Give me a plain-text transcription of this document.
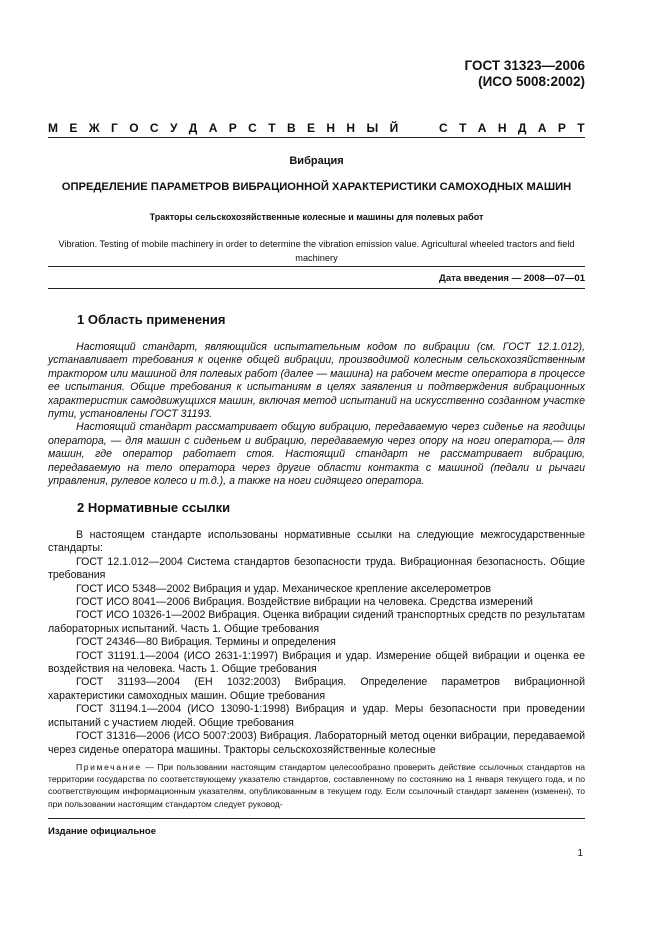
ГОСТ 31323—2006
(ИСО 5008:2002)
М Е Ж Г О С У Д А Р С Т В Е Н Н Ы Й

	С Т А Н Д А Р Т
Вибрация
ОПРЕДЕЛЕНИЕ ПАРАМЕТРОВ ВИБРАЦИОННОЙ ХАРАКТЕРИСТИКИ САМОХОДНЫХ МАШИН
Тракторы сельскохозяйственные колесные и машины для полевых работ
Vibration. Testing of mobile machinery in order to determine the vibration emission value. Agricultural wheeled tractors and field machinery
Дата введения — 2008—07—01
1 Область применения

Настоящий стандарт, являющийся испытательным кодом по вибрации (см. ГОСТ 12.1.012), устанавливает требования к оценке общей вибрации, производимой колесным сельскохозяйственным трактором или машиной для полевых работ (далее — машина) на рабочем месте оператора в процессе ее испытания. Общие требования к испытаниям в целях заявления и подтверждения вибрационных характеристик самодвижущихся машин, включая метод испытаний на искусственно созданном участке пути, установлены ГОСТ 31193.

Настоящий стандарт рассматривает общую вибрацию, передаваемую через сиденье на ягодицы оператора, — для машин с сиденьем и вибрацию, передаваемую через опору на ноги оператора,— для машин, где оператор работает стоя. Настоящий стандарт не рассматривает вибрацию, передаваемую на тело оператора через другие области контакта с машиной (педали и рычаги управления, рулевое колесо и т.д.), а также на ноги сидящего оператора.

2 Нормативные ссылки

В настоящем стандарте использованы нормативные ссылки на следующие межгосударственные стандарты:

ГОСТ 12.1.012—2004 Система стандартов безопасности труда. Вибрационная безопасность. Общие требования

ГОСТ ИСО 5348—2002 Вибрация и удар. Механическое крепление акселерометров

ГОСТ ИСО 8041—2006 Вибрация. Воздействие вибрации на человека. Средства измерений

ГОСТ ИСО 10326-1—2002 Вибрация. Оценка вибрации сидений транспортных средств по результатам лабораторных испытаний. Часть 1. Общие требования

ГОСТ 24346—80 Вибрация. Термины и определения

ГОСТ 31191.1—2004 (ИСО 2631-1:1997) Вибрация и удар. Измерение общей вибрации и оценка ее воздействия на человека. Часть 1. Общие требования

ГОСТ 31193—2004 (ЕН 1032:2003) Вибрация. Определение параметров вибрационной характеристики самоходных машин. Общие требования

ГОСТ 31194.1—2004 (ИСО 13090-1:1998) Вибрация и удар. Меры безопасности при проведении испытаний с участием людей. Общие требования

ГОСТ 31316—2006 (ИСО 5007:2003) Вибрация. Лабораторный метод оценки вибрации, передаваемой через сиденье оператора машины. Тракторы сельскохозяйственные колесные

Примечание — При пользовании настоящим стандартом целесообразно проверить действие ссылочных стандартов на территории государства по соответствующему указателю стандартов, составленному по состоянию на 1 января текущего года, и по соответствующим информационным указателям, опубликованным в текущем году. Если ссылочный стандарт заменен (изменен), то при пользовании настоящим стандартом следует руковод-

Издание официальное
1
